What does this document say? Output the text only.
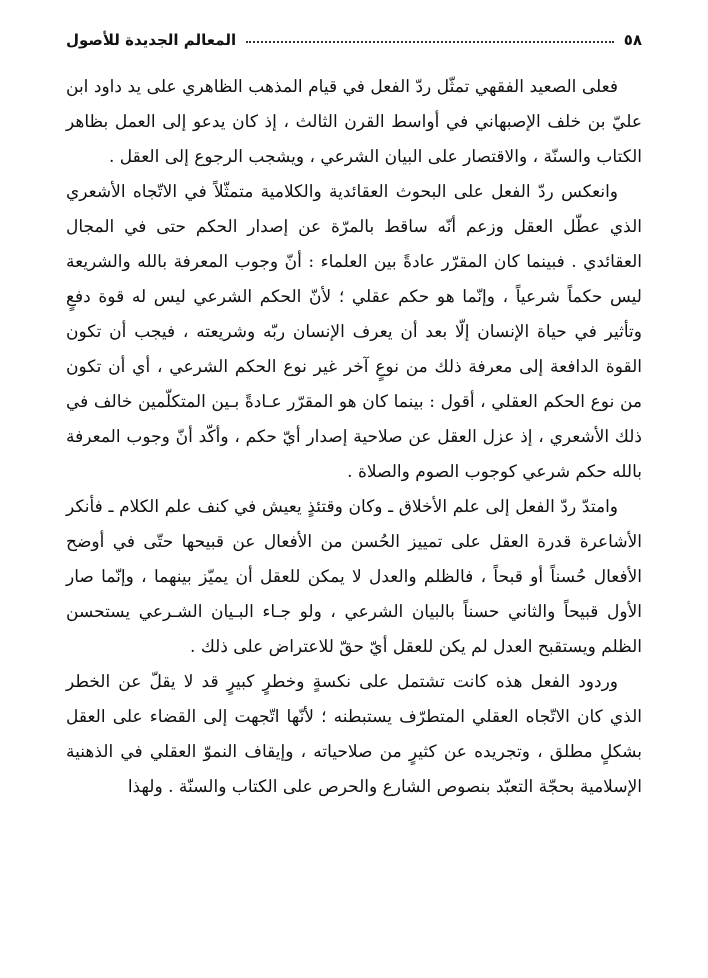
٥٨
المعالم الجديدة للأصول

فعلى الصعيد الفقهي تمثّل ردّ الفعل في قيام المذهب الظاهري على يد داود ابن عليّ بن خلف الإصبهاني في أواسط القرن الثالث ، إذ كان يدعو إلى العمل بظاهر الكتاب والسنّة ، والاقتصار على البيان الشرعي ، ويشجب الرجوع إلى العقل .

وانعكس ردّ الفعل على البحوث العقائدية والكلامية متمثّلاً في الاتّجاه الأشعري الذي عطّل العقل وزعم أنّه ساقط بالمرّة عن إصدار الحكم حتى في المجال العقائدي . فبينما كان المقرّر عادةً بين العلماء : أنّ وجوب المعرفة بالله والشريعة ليس حكماً شرعياً ، وإنّما هو حكم عقلي ؛ لأنّ الحكم الشرعي ليس له قوة دفعٍ وتأثير في حياة الإنسان إلّا بعد أن يعرف الإنسان ربّه وشريعته ، فيجب أن تكون القوة الدافعة إلى معرفة ذلك من نوعٍ آخر غير نوع الحكم الشرعي ، أي أن تكون من نوع الحكم العقلي ، أقول : بينما كان هو المقرّر عـادةً بـين المتكلّمين خالف في ذلك الأشعري ، إذ عزل العقل عن صلاحية إصدار أيّ حكم ، وأكّد أنّ وجوب المعرفة بالله حكم شرعي كوجوب الصوم والصلاة .

وامتدّ ردّ الفعل إلى علم الأخلاق ـ وكان وقتئذٍ يعيش في كنف علم الكلام ـ فأنكر الأشاعرة قدرة العقل على تمييز الحُسن من الأفعال عن قبيحها حتّى في أوضح الأفعال حُسناً أو قبحاً ، فالظلم والعدل لا يمكن للعقل أن يميّز بينهما ، وإنّما صار الأول قبيحاً والثاني حسناً بالبيان الشرعي ، ولو جـاء البـيان الشـرعي يستحسن الظلم ويستقبح العدل لم يكن للعقل أيّ حقّ للاعتراض على ذلك .

وردود الفعل هذه كانت تشتمل على نكسةٍ وخطرٍ كبيرٍ قد لا يقلّ عن الخطر الذي كان الاتّجاه العقلي المتطرّف يستبطنه ؛ لأنّها اتّجهت إلى القضاء على العقل بشكلٍ مطلق ، وتجريده عن كثيرٍ من صلاحياته ، وإيقاف النموّ العقلي في الذهنية الإسلامية بحجّة التعبّد بنصوص الشارع والحرص على الكتاب والسنّة . ولهذا
